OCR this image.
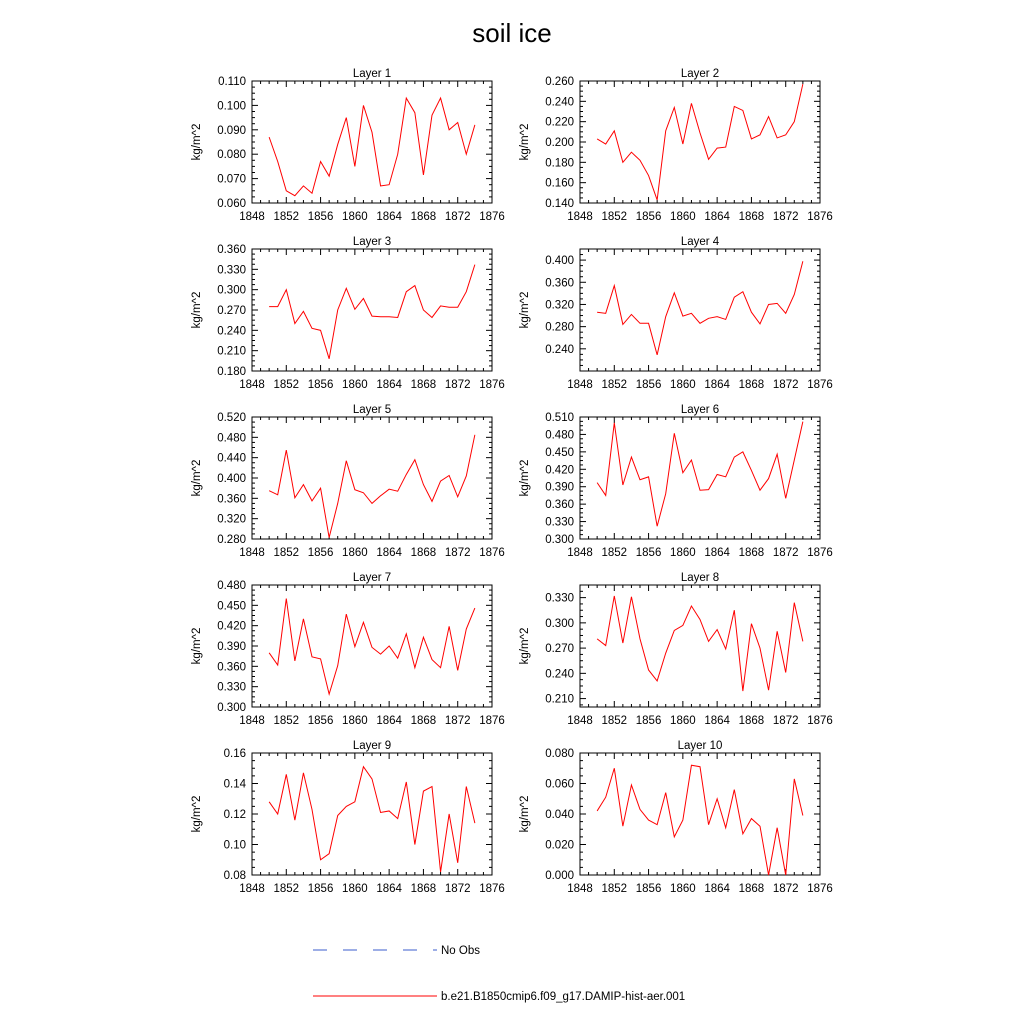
soil ice
Layer 1
1848 1852 1856 1860 1864 1868 1872 1876
0.060
0.070
0.080
0.090
0.100
0.110
kg/m^2
Layer 2
1848 1852 1856 1860 1864 1868 1872 1876
0.140
0.160
0.180
0.200
0.220
0.240
0.260
kg/m^2
Layer 3
1848 1852 1856 1860 1864 1868 1872 1876
0.180
0.210
0.240
0.270
0.300
0.330
0.360
kg/m^2
Layer 4
1848 1852 1856 1860 1864 1868 1872 1876
0.240
0.280
0.320
0.360
0.400
kg/m^2
Layer 5
1848 1852 1856 1860 1864 1868 1872 1876
0.280
0.320
0.360
0.400
0.440
0.480
0.520
kg/m^2
Layer 6
1848 1852 1856 1860 1864 1868 1872 1876
0.300
0.330
0.360
0.390
0.420
0.450
0.480
0.510
kg/m^2
Layer 7
1848 1852 1856 1860 1864 1868 1872 1876
0.300
0.330
0.360
0.390
0.420
0.450
0.480
kg/m^2
Layer 8
1848 1852 1856 1860 1864 1868 1872 1876
0.210
0.240
0.270
0.300
0.330
kg/m^2
Layer 9
1848 1852 1856 1860 1864 1868 1872 1876
0.08
0.10
0.12
0.14
0.16
kg/m^2
Layer 10
1848 1852 1856 1860 1864 1868 1872 1876
0.000
0.020
0.040
0.060
0.080
kg/m^2
No Obs
b.e21.B1850cmip6.f09_g17.DAMIP-hist-aer.001
